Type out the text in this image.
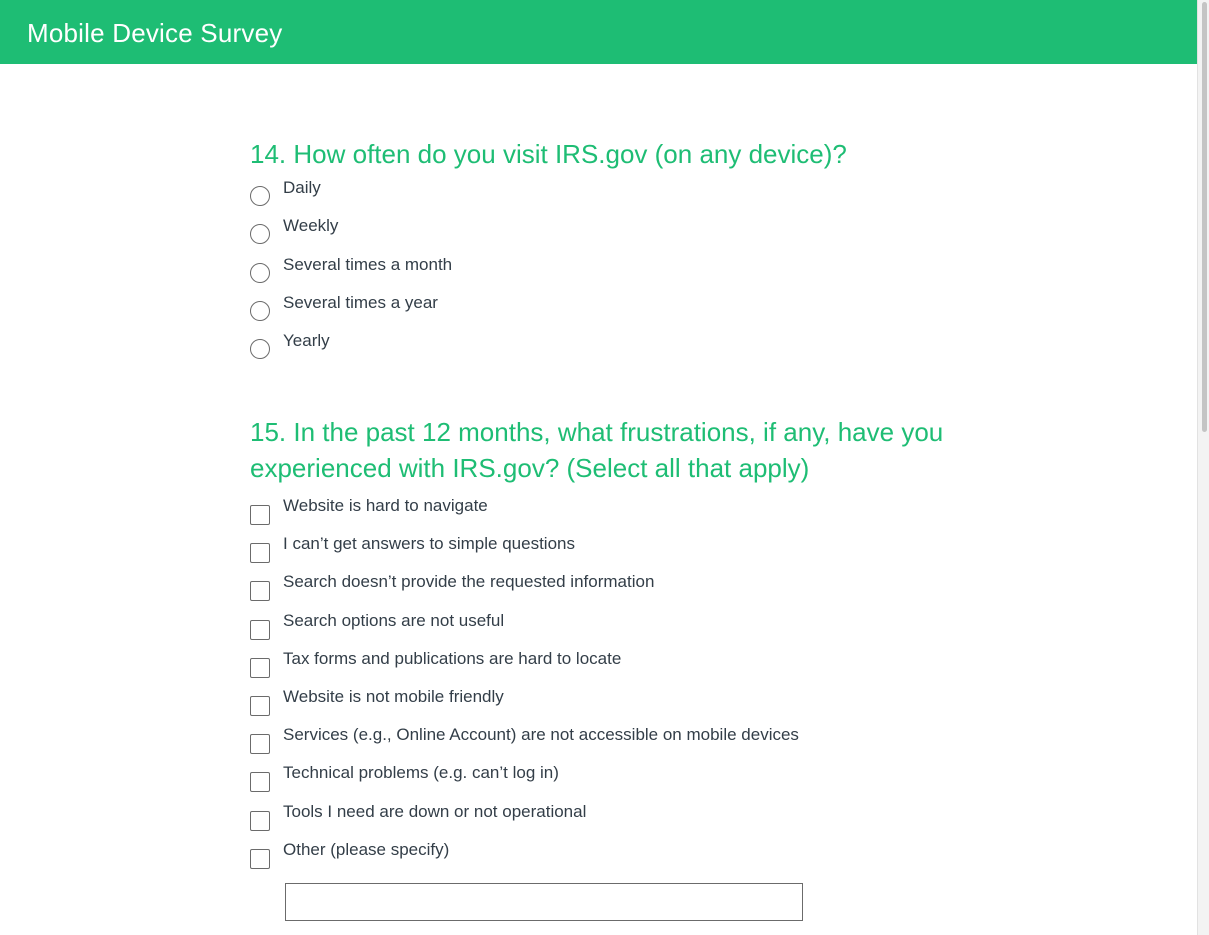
Mobile Device Survey
14. How often do you visit IRS.gov (on any device)?
Daily
Weekly
Several times a month
Several times a year
Yearly
15. In the past 12 months, what frustrations, if any, have you experienced with IRS.gov? (Select all that apply)
Website is hard to navigate
I can’t get answers to simple questions
Search doesn’t provide the requested information
Search options are not useful
Tax forms and publications are hard to locate
Website is not mobile friendly
Services (e.g., Online Account) are not accessible on mobile devices
Technical problems (e.g. can’t log in)
Tools I need are down or not operational
Other (please specify)
